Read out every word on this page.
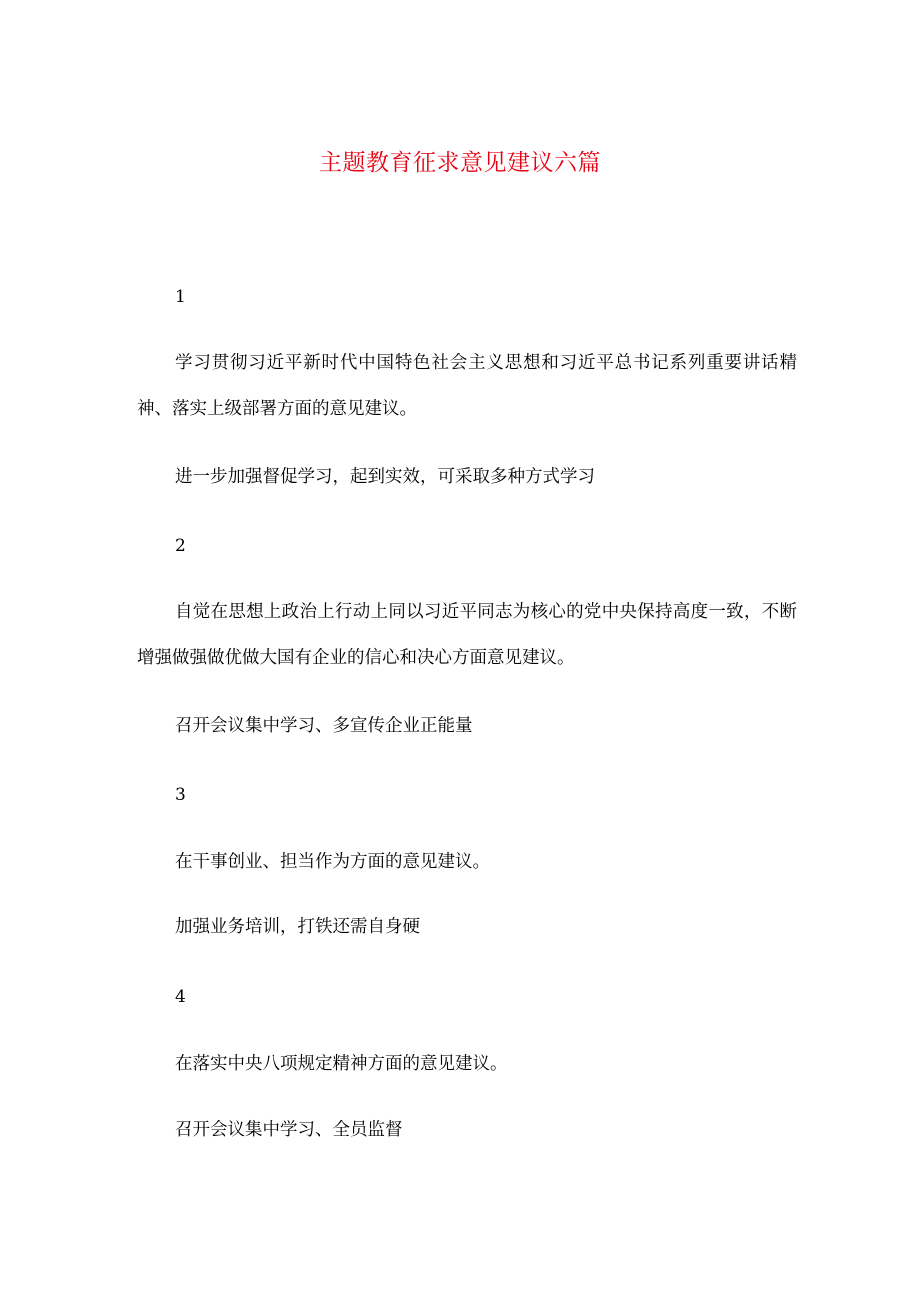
主题教育征求意见建议六篇
1

学习贯彻习近平新时代中国特色社会主义思想和习近平总书记系列重要讲话精神、落实上级部署方面的意见建议。

进一步加强督促学习，起到实效，可采取多种方式学习

2

自觉在思想上政治上行动上同以习近平同志为核心的党中央保持高度一致，不断增强做强做优做大国有企业的信心和决心方面意见建议。

召开会议集中学习、多宣传企业正能量

3

在干事创业、担当作为方面的意见建议。

加强业务培训，打铁还需自身硬

4

在落实中央八项规定精神方面的意见建议。

召开会议集中学习、全员监督
